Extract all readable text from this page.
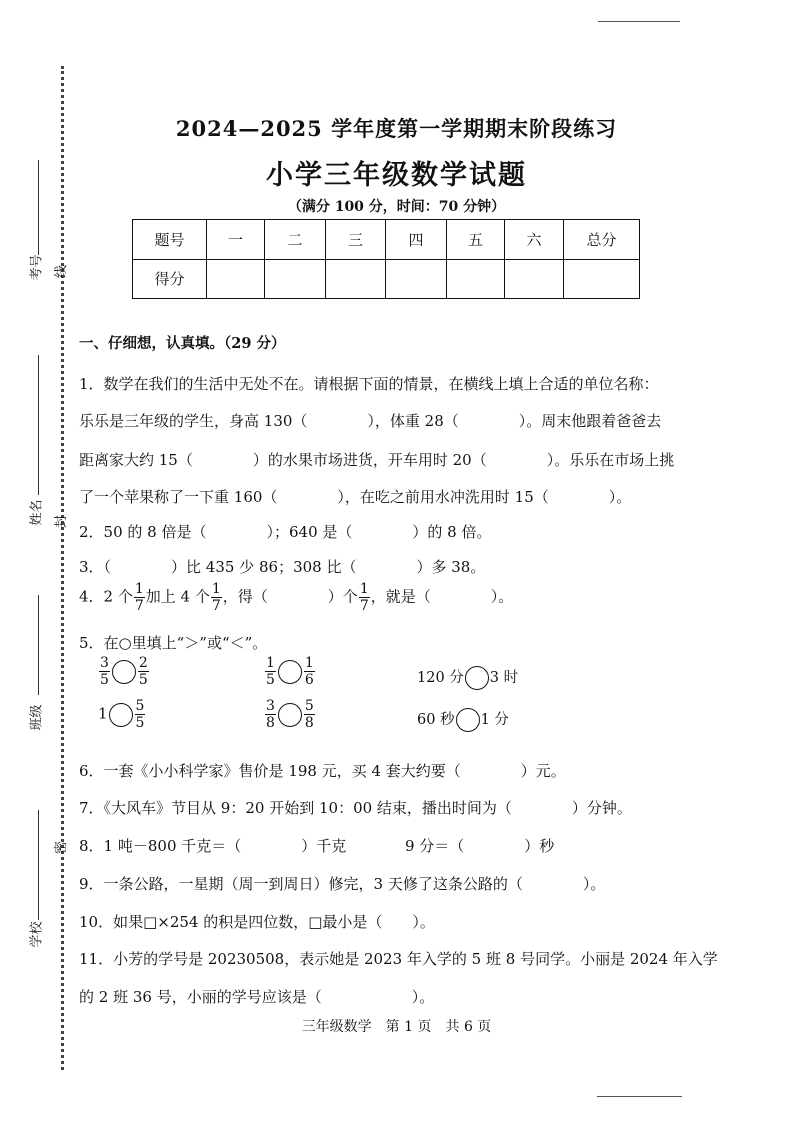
考号
姓名
班级
学校
线
封
密
2024—2025 学年度第一学期期末阶段练习
小学三年级数学试题
（满分 100 分，时间：70 分钟）
题号	一	二	三	四	五	六	总分
得分							
一、仔细想，认真填。（29 分）
1．数学在我们的生活中无处不在。请根据下面的情景，在横线上填上合适的单位名称：
乐乐是三年级的学生，身高 130（　　　　），体重 28（　　　　）。周末他跟着爸爸去
距离家大约 15（　　　　）的水果市场进货，开车用时 20（　　　　）。乐乐在市场上挑
了一个苹果称了一下重 160（　　　　），在吃之前用水冲洗用时 15（　　　　）。
2．50 的 8 倍是（　　　　）；640 是（　　　　）的 8 倍。
3．（　　　　）比 435 少 86；308 比（　　　　）多 38。
4．2 个 $\frac{1}{7}$ 加上 4 个 $\frac{1}{7}$ ，得（　　　　）个 $\frac{1}{7}$ ，就是（　　　　）。
5．在○里填上“＞”或“＜”。
$\frac{3}{5} \frac{2}{5}$	$\frac{1}{5} \frac{1}{6}$	120 分 3 时
$1 \frac{5}{5}$	$\frac{3}{8} \frac{5}{8}$	60 秒 1 分
6．一套《小小科学家》售价是 198 元，买 4 套大约要（　　　　）元。
7．《大风车》节目从 9：20 开始到 10：00 结束，播出时间为（　　　　）分钟。
8．1 吨－800 千克＝（　　　　）千克	9 分＝（　　　　）秒
9．一条公路，一星期（周一到周日）修完，3 天修了这条公路的（　　　　）。
10．如果□×254 的积是四位数，□最小是（　　）。
11．小芳的学号是 20230508，表示她是 2023 年入学的 5 班 8 号同学。小丽是 2024 年入学
的 2 班 36 号，小丽的学号应该是（　　　　　　）。
三年级数学　第 1 页　共 6 页
